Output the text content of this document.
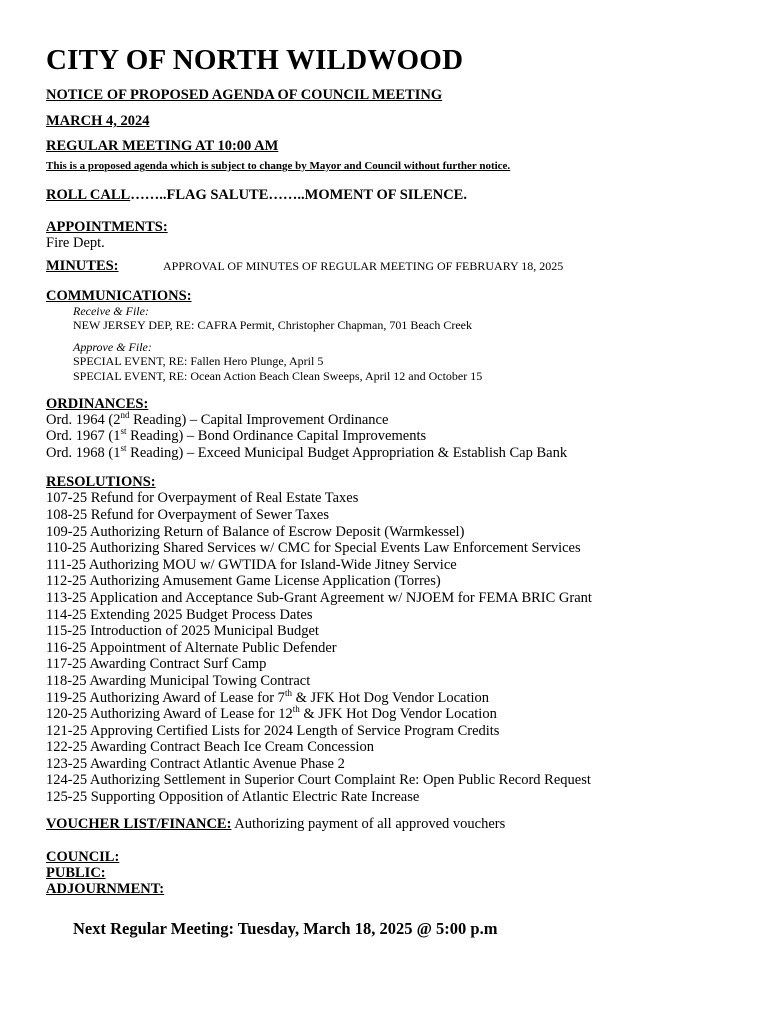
CITY OF NORTH WILDWOOD
NOTICE OF PROPOSED AGENDA OF COUNCIL MEETING
MARCH 4, 2024
REGULAR MEETING AT 10:00 AM
This is a proposed agenda which is subject to change by Mayor and Council without further notice.
ROLL CALL……..FLAG SALUTE……..MOMENT OF SILENCE.
APPOINTMENTS:
Fire Dept.
MINUTES:	APPROVAL OF MINUTES OF REGULAR MEETING OF FEBRUARY 18, 2025
COMMUNICATIONS:
Receive & File:
NEW JERSEY DEP, RE: CAFRA Permit, Christopher Chapman, 701 Beach Creek
Approve & File:
SPECIAL EVENT, RE: Fallen Hero Plunge, April 5
SPECIAL EVENT, RE: Ocean Action Beach Clean Sweeps, April 12 and October 15
ORDINANCES:
Ord. 1964 (2nd Reading) – Capital Improvement Ordinance
Ord. 1967 (1st Reading) – Bond Ordinance Capital Improvements
Ord. 1968 (1st Reading) – Exceed Municipal Budget Appropriation & Establish Cap Bank
RESOLUTIONS:
107-25 Refund for Overpayment of Real Estate Taxes
108-25 Refund for Overpayment of Sewer Taxes
109-25 Authorizing Return of Balance of Escrow Deposit (Warmkessel)
110-25 Authorizing Shared Services w/ CMC for Special Events Law Enforcement Services
111-25 Authorizing MOU w/ GWTIDA for Island-Wide Jitney Service
112-25 Authorizing Amusement Game License Application (Torres)
113-25 Application and Acceptance Sub-Grant Agreement w/ NJOEM for FEMA BRIC Grant
114-25 Extending 2025 Budget Process Dates
115-25 Introduction of 2025 Municipal Budget
116-25 Appointment of Alternate Public Defender
117-25 Awarding Contract Surf Camp
118-25 Awarding Municipal Towing Contract
119-25 Authorizing Award of Lease for 7th & JFK Hot Dog Vendor Location
120-25 Authorizing Award of Lease for 12th & JFK Hot Dog Vendor Location
121-25 Approving Certified Lists for 2024 Length of Service Program Credits
122-25 Awarding Contract Beach Ice Cream Concession
123-25 Awarding Contract Atlantic Avenue Phase 2
124-25 Authorizing Settlement in Superior Court Complaint Re: Open Public Record Request
125-25 Supporting Opposition of Atlantic Electric Rate Increase
VOUCHER LIST/FINANCE: Authorizing payment of all approved vouchers
COUNCIL:
PUBLIC:
ADJOURNMENT:
Next Regular Meeting: Tuesday, March 18, 2025 @ 5:00 p.m
